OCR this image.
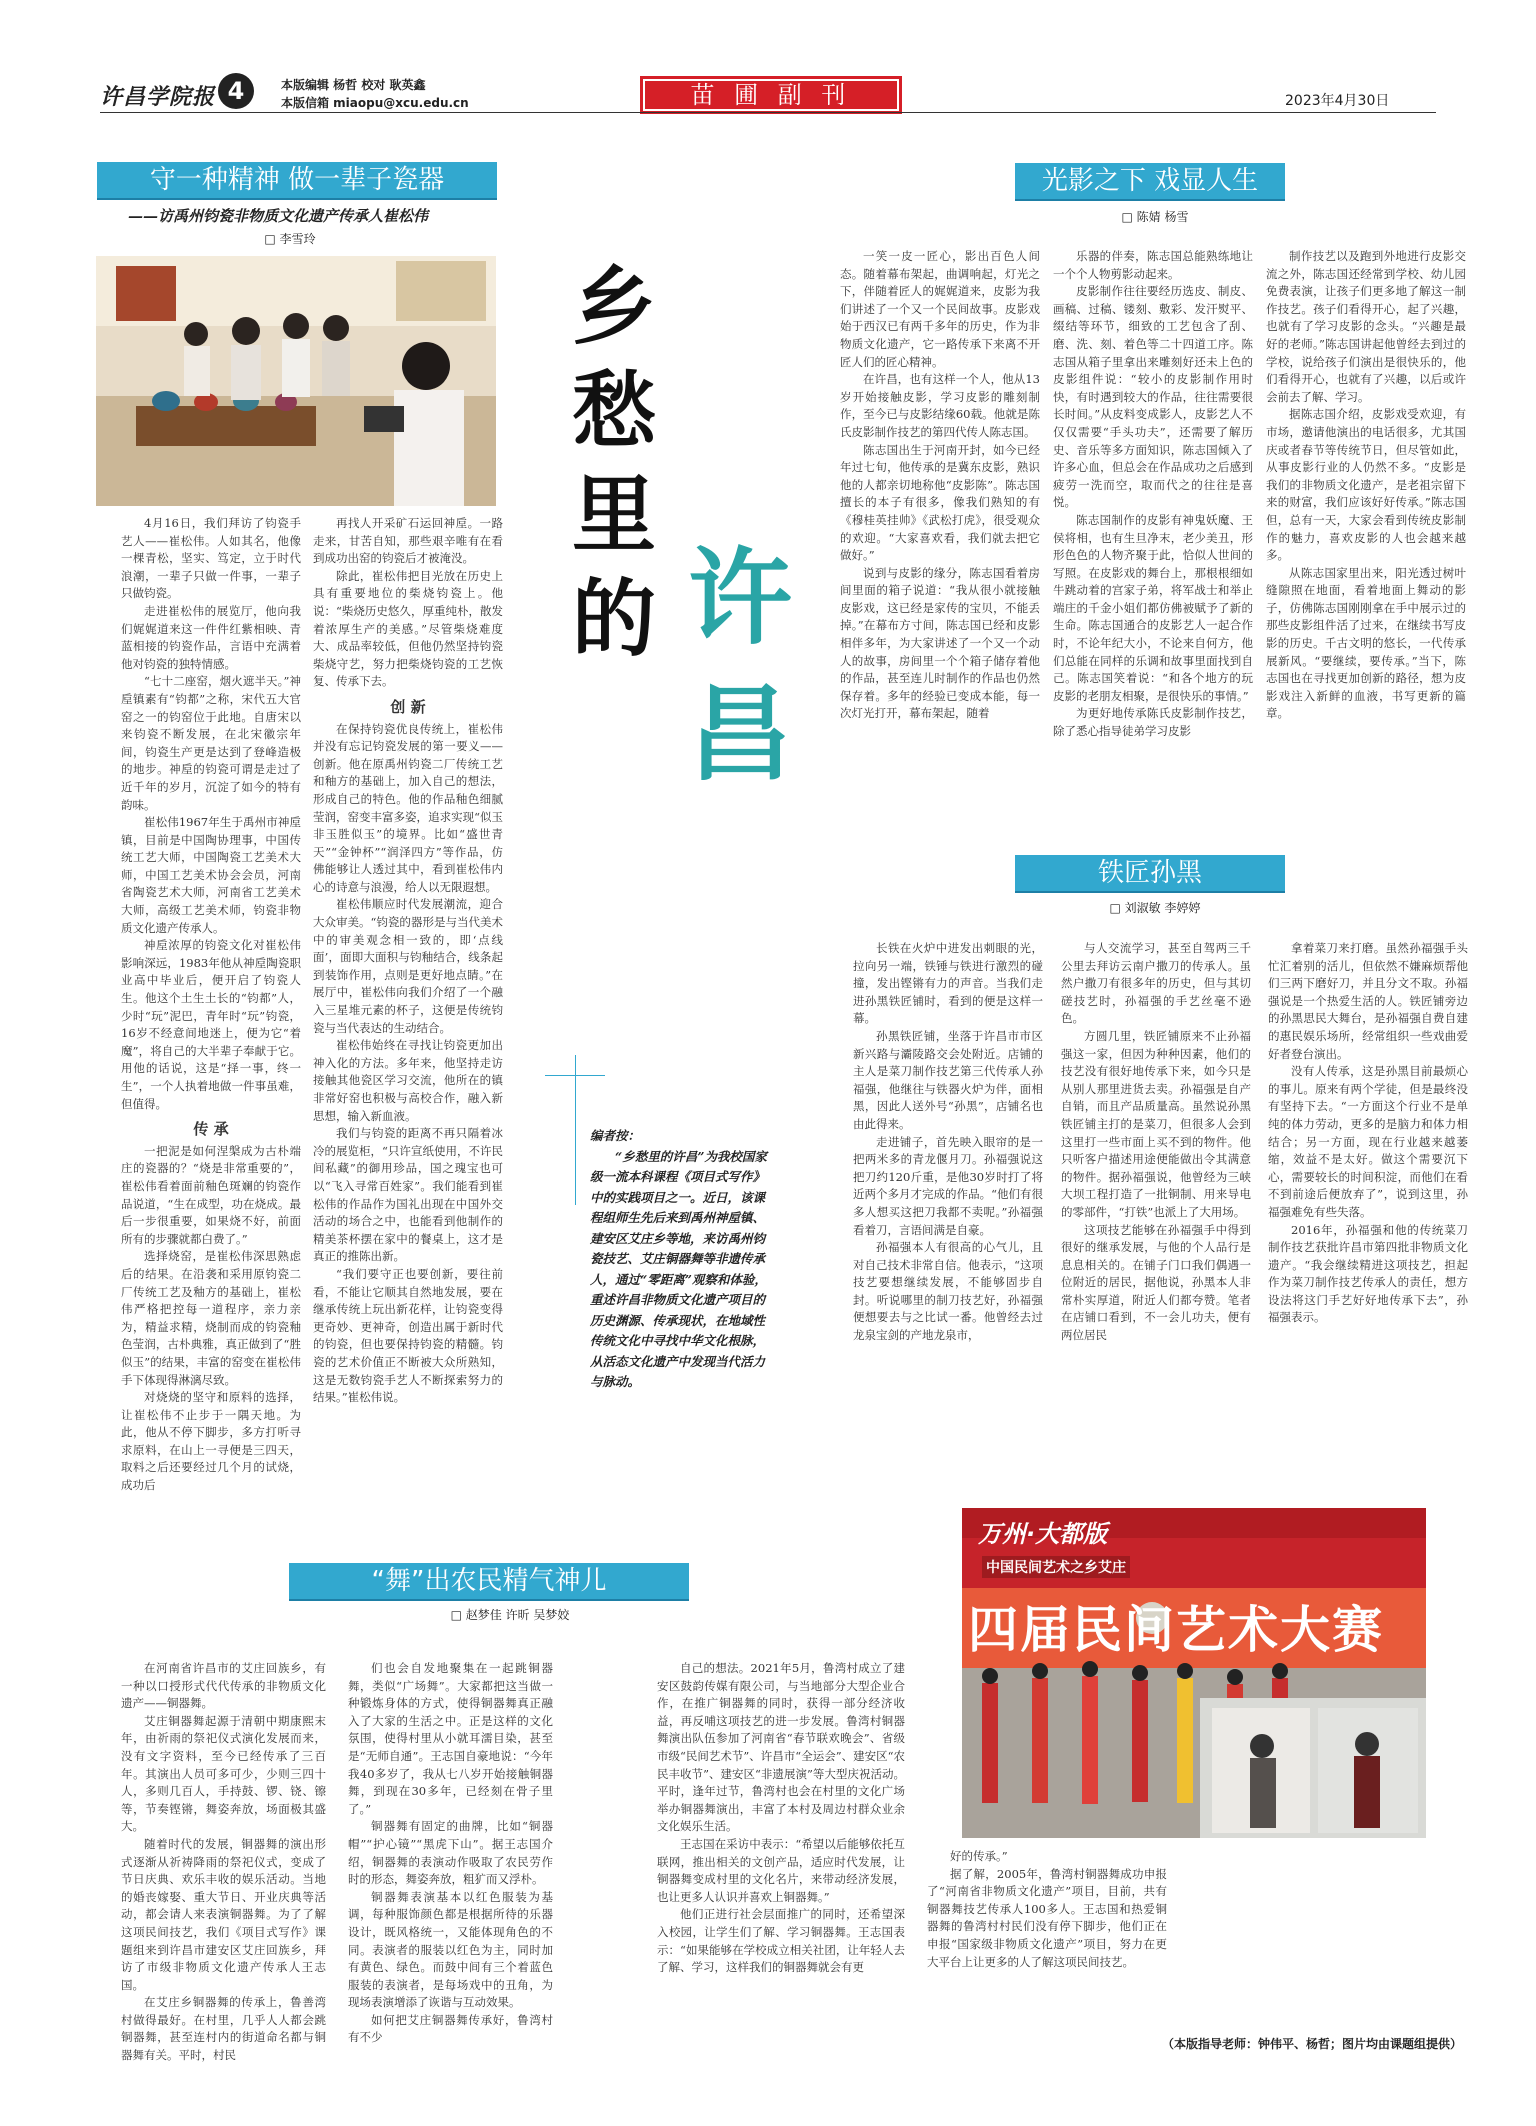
许昌学院报 4	本版编辑 杨哲 校对 耿英鑫
本版信箱 miaopu@xcu.edu.cn	苗 圃 副 刊	2023年4月30日
守一种精神 做一辈子瓷器
——访禹州钧瓷非物质文化遗产传承人崔松伟
□ 李雪玲

4月16日，我们拜访了钧瓷手艺人——崔松伟。人如其名，他像一棵青松，坚实、笃定，立于时代浪潮，一辈子只做一件事，一辈子只做钧瓷。

走进崔松伟的展览厅，他向我们娓娓道来这一件件红紫相映、青蓝相接的钧瓷作品，言语中充满着他对钧瓷的独特情感。

“七十二座窑，烟火遮半天。”神垕镇素有“钧都”之称，宋代五大官窑之一的钧窑位于此地。自唐宋以来钧瓷不断发展，在北宋徽宗年间，钧瓷生产更是达到了登峰造极的地步。神垕的钧瓷可谓是走过了近千年的岁月，沉淀了如今的特有韵味。

崔松伟1967年生于禹州市神垕镇，目前是中国陶协理事，中国传统工艺大师，中国陶瓷工艺美术大师，中国工艺美术协会会员，河南省陶瓷艺术大师，河南省工艺美术大师，高级工艺美术师，钧瓷非物质文化遗产传承人。

神垕浓厚的钧瓷文化对崔松伟影响深远，1983年他从神垕陶瓷职业高中毕业后，便开启了钧瓷人生。他这个土生土长的“钧都”人，少时“玩”泥巴，青年时“玩”钧瓷，16岁不经意间地迷上，便为它“着魔”，将自己的大半辈子奉献于它。用他的话说，这是“择一事，终一生”，一个人执着地做一件事虽难，但值得。

传 承

一把泥是如何涅槃成为古朴端庄的瓷器的？“烧是非常重要的”，崔松伟看着面前釉色斑斓的钧瓷作品说道，“生在成型，功在烧成。最后一步很重要，如果烧不好，前面所有的步骤就都白费了。”

选择烧窑，是崔松伟深思熟虑后的结果。在沿袭和采用原钧瓷二厂传统工艺及釉方的基础上，崔松伟严格把控每一道程序，亲力亲为，精益求精，烧制而成的钧瓷釉色莹润，古朴典雅，真正做到了“胜似玉”的结果，丰富的窑变在崔松伟手下体现得淋漓尽致。

对烧烧的坚守和原料的选择，让崔松伟不止步于一隅天地。为此，他从不停下脚步，多方打听寻求原料，在山上一寻便是三四天，取料之后还要经过几个月的试烧，成功后

再找人开采矿石运回神垕。一路走来，甘苦自知，那些艰辛唯有在看到成功出窑的钧瓷后才被淹没。

除此，崔松伟把目光放在历史上具有重要地位的柴烧钧瓷上。他说：“柴烧历史悠久，厚重纯朴，散发着浓厚生产的美感。”尽管柴烧难度大、成品率较低，但他仍然坚持钧瓷柴烧守艺，努力把柴烧钧瓷的工艺恢复、传承下去。

创 新

在保持钧瓷优良传统上，崔松伟并没有忘记钧瓷发展的第一要义——创新。他在原禹州钧瓷二厂传统工艺和釉方的基础上，加入自己的想法，形成自己的特色。他的作品釉色细腻莹润，窑变丰富多姿，追求实现“似玉非玉胜似玉”的境界。比如“盛世青天”“金钟杯”“润泽四方”等作品，仿佛能够让人透过其中，看到崔松伟内心的诗意与浪漫，给人以无限遐想。

崔松伟顺应时代发展潮流，迎合大众审美。“钧瓷的器形是与当代美术中的审美观念相一致的，即‘点线面’，面即大面积与钧釉结合，线条起到装饰作用，点则是更好地点睛。”在展厅中，崔松伟向我们介绍了一个融入三星堆元素的杯子，这便是传统钧瓷与当代表达的生动结合。

崔松伟始终在寻找让钧瓷更加出神入化的方法。多年来，他坚持走访接触其他瓷区学习交流，他所在的镇非常好窑也积极与高校合作，融入新思想，输入新血液。

我们与钧瓷的距离不再只隔着冰冷的展览柜，“只许宣纸使用，不许民间私藏”的御用珍品，国之瑰宝也可以“飞入寻常百姓家”。我们能看到崔松伟的作品作为国礼出现在中国外交活动的场合之中，也能看到他制作的精美茶杯摆在家中的餐桌上，这才是真正的推陈出新。

“我们要守正也要创新，要往前看，不能让它顺其自然地发展，要在继承传统上玩出新花样，让钧瓷变得更奇妙、更神奇，创造出属于新时代的钧瓷，但也要保持钧瓷的精髓。钧瓷的艺术价值正不断被大众所熟知，这是无数钧瓷手艺人不断探索努力的结果。”崔松伟说。

乡愁里的 许昌
编者按：
“乡愁里的许昌”为我校国家级一流本科课程《项目式写作》中的实践项目之一。近日，该课程组师生先后来到禹州神垕镇、建安区艾庄乡等地，来访禹州钧瓷技艺、艾庄铜器舞等非遗传承人，通过“零距离”观察和体验，重述许昌非物质文化遗产项目的历史渊源、传承现状，在地域性传统文化中寻找中华文化根脉，从活态文化遗产中发现当代活力与脉动。
光影之下 戏显人生
□ 陈婧 杨雪

一笑一皮一匠心，影出百色人间态。随着幕布架起，曲调响起，灯光之下，伴随着匠人的娓娓道来，皮影为我们讲述了一个又一个民间故事。皮影戏始于西汉已有两千多年的历史，作为非物质文化遗产，它一路传承下来离不开匠人们的匠心精神。

在许昌，也有这样一个人，他从13岁开始接触皮影，学习皮影的雕刻制作，至今已与皮影结缘60载。他就是陈氏皮影制作技艺的第四代传人陈志国。

陈志国出生于河南开封，如今已经年过七旬，他传承的是冀东皮影，熟识他的人都亲切地称他“皮影陈”。陈志国擅长的本子有很多，像我们熟知的有《穆桂英挂帅》《武松打虎》，很受观众的欢迎。“大家喜欢看，我们就去把它做好。”

说到与皮影的缘分，陈志国看着房间里面的箱子说道：“我从很小就接触皮影戏，这已经是家传的宝贝，不能丢掉。”在幕布方寸间，陈志国已经和皮影相伴多年，为大家讲述了一个又一个动人的故事，房间里一个个箱子储存着他的作品，甚至连儿时制作的作品也仍然保存着。多年的经验已变成本能，每一次灯光打开，幕布架起，随着

乐器的伴奏，陈志国总能熟练地让一个个人物剪影动起来。

皮影制作往往要经历选皮、制皮、画稿、过稿、镂刻、敷彩、发汗熨平、缀结等环节，细致的工艺包含了刮、磨、洗、刻、着色等二十四道工序。陈志国从箱子里拿出来雕刻好还未上色的皮影组件说：“较小的皮影制作用时快，有时遇到较大的作品，往往需要很长时间。”从皮料变成影人，皮影艺人不仅仅需要“手头功夫”，还需要了解历史、音乐等多方面知识，陈志国倾入了许多心血，但总会在作品成功之后感到疲劳一洗而空，取而代之的往往是喜悦。

陈志国制作的皮影有神鬼妖魔、王侯将相，也有生旦净末，老少美丑，形形色色的人物齐聚于此，恰似人世间的写照。在皮影戏的舞台上，那根根细如牛跳动着的宫家子弟，将军战士和举止端庄的千金小姐们都仿佛被赋予了新的生命。陈志国通合的皮影艺人一起合作时，不论年纪大小，不论来自何方，他们总能在同样的乐调和故事里面找到自己。陈志国笑着说：“和各个地方的玩皮影的老朋友相聚，是很快乐的事情。”

为更好地传承陈氏皮影制作技艺，除了悉心指导徒弟学习皮影

制作技艺以及跑到外地进行皮影交流之外，陈志国还经常到学校、幼儿园免费表演，让孩子们更多地了解这一制作技艺。孩子们看得开心，起了兴趣，也就有了学习皮影的念头。“兴趣是最好的老师。”陈志国讲起他曾经去到过的学校，说给孩子们演出是很快乐的，他们看得开心，也就有了兴趣，以后或许会前去了解、学习。

据陈志国介绍，皮影戏受欢迎，有市场，邀请他演出的电话很多，尤其国庆或者春节等传统节日，但尽管如此，从事皮影行业的人仍然不多。“皮影是我们的非物质文化遗产，是老祖宗留下来的财富，我们应该好好传承。”陈志国但，总有一天，大家会看到传统皮影制作的魅力，喜欢皮影的人也会越来越多。

从陈志国家里出来，阳光透过树叶缝隙照在地面，看着地面上舞动的影子，仿佛陈志国刚刚拿在手中展示过的那些皮影组件活了过来，在继续书写皮影的历史。千古文明的悠长，一代传承展新风。“要继续，要传承。”当下，陈志国也在寻找更加创新的路径，想为皮影戏注入新鲜的血液，书写更新的篇章。

铁匠孙黑
□ 刘淑敏 李婷婷

长铁在火炉中进发出刺眼的光，拉向另一端，铁锤与铁进行激烈的碰撞，发出铿锵有力的声音。当我们走进孙黑铁匠铺时，看到的便是这样一幕。

孙黑铁匠铺，坐落于许昌市市区新兴路与灞陵路交会处附近。店铺的主人是菜刀制作技艺第三代传承人孙福强，他继往与铁器火炉为伴，面相黑，因此人送外号“孙黑”，店铺名也由此得来。

走进铺子，首先映入眼帘的是一把两米多的青龙偃月刀。孙福强说这把刀约120斤重，是他30岁时打了将近两个多月才完成的作品。“他们有很多人想买这把刀我都不卖呢。”孙福强看着刀，言语间满是自豪。

孙福强本人有很高的心气儿，且对自己技术非常自信。他表示，“这项技艺要想继续发展，不能够固步自封。听说哪里的制刀技艺好，孙福强便想要去与之比试一番。他曾经去过龙泉宝剑的产地龙泉市，

与人交流学习，甚至自驾两三千公里去拜访云南户撒刀的传承人。虽然户撒刀有很多年的历史，但与其切磋技艺时，孙福强的手艺丝毫不逊色。

方圆几里，铁匠铺原来不止孙福强这一家，但因为种种因素，他们的技艺没有很好地传承下来，如今只是从别人那里进货去卖。孙福强是自产自销，而且产品质量高。虽然说孙黑铁匠铺主打的是菜刀，但很多人会到这里打一些市面上买不到的物件。他只听客户描述用途便能做出令其满意的物件。据孙福强说，他曾经为三峡大坝工程打造了一批铜制、用来导电的零部件，“打铁”也派上了大用场。

这项技艺能够在孙福强手中得到很好的继承发展，与他的个人品行是息息相关的。在铺子门口我们偶遇一位附近的居民，据他说，孙黑本人非常朴实厚道，附近人们都夸赞。笔者在店铺口看到，不一会儿功夫，便有两位居民

拿着菜刀来打磨。虽然孙福强手头忙汇着别的活儿，但依然不嫌麻烦帮他们三两下磨好刀，并且分文不取。孙福强说是一个热爱生活的人。铁匠铺旁边的孙黑思民大舞台，是孙福强自费自建的惠民娱乐场所，经常组织一些戏曲爱好者登台演出。

没有人传承，这是孙黑目前最烦心的事儿。原来有两个学徒，但是最终没有坚持下去。“一方面这个行业不是单纯的体力劳动，更多的是脑力和体力相结合；另一方面，现在行业越来越萎缩，效益不是太好。做这个需要沉下心，需要较长的时间积淀，而他们在看不到前途后便放弃了”，说到这里，孙福强难免有些失落。

2016年，孙福强和他的传统菜刀制作技艺获批许昌市第四批非物质文化遗产。“我会继续精进这项技艺，担起作为菜刀制作技艺传承人的责任，想方设法将这门手艺好好地传承下去”，孙福强表示。

“舞”出农民精气神儿
□ 赵梦佳 许昕 吴梦姣

在河南省许昌市的艾庄回族乡，有一种以口授形式代代传承的非物质文化遗产——铜器舞。

艾庄铜器舞起源于清朝中期康熙末年，由祈雨的祭祀仪式演化发展而来，没有文字资料，至今已经传承了三百年。其演出人员可多可少，少则三四十人，多则几百人，手持鼓、锣、铙、镲等，节奏铿锵，舞姿奔放，场面极其盛大。

随着时代的发展，铜器舞的演出形式逐渐从祈祷降雨的祭祀仪式，变成了节日庆典、欢乐丰收的娱乐活动。当地的婚丧嫁娶、重大节日、开业庆典等活动，都会请人来表演铜器舞。为了了解这项民间技艺，我们《项目式写作》课题组来到许昌市建安区艾庄回族乡，拜访了市级非物质文化遗产传承人王志国。

在艾庄乡铜器舞的传承上，鲁善湾村做得最好。在村里，几乎人人都会跳铜器舞，甚至连村内的街道命名都与铜器舞有关。平时，村民

们也会自发地聚集在一起跳铜器舞，类似“广场舞”。大家都把这当做一种锻炼身体的方式，使得铜器舞真正融入了大家的生活之中。正是这样的文化氛围，使得村里从小就耳濡目染，甚至是“无师自通”。王志国自豪地说：“今年我40多岁了，我从七八岁开始接触铜器舞，到现在30多年，已经刻在骨子里了。”

铜器舞有固定的曲牌，比如“铜器帽”“护心镜”“黑虎下山”。据王志国介绍，铜器舞的表演动作吸取了农民劳作时的形态，舞姿奔放，粗犷而又浮朴。

铜器舞表演基本以红色服装为基调，每种服饰颜色都是根据所待的乐器设计，既风格统一，又能体现角色的不同。表演者的服装以红色为主，同时加有黄色、绿色。而鼓中间有三个着蓝色服装的表演者，是每场戏中的丑角，为现场表演增添了诙谐与互动效果。

如何把艾庄铜器舞传承好，鲁湾村有不少

自己的想法。2021年5月，鲁湾村成立了建安区鼓韵传媒有限公司，与当地部分大型企业合作，在推广铜器舞的同时，获得一部分经济收益，再反哺这项技艺的进一步发展。鲁湾村铜器舞演出队伍参加了河南省“春节联欢晚会”、省级市级“民间艺术节”、许昌市“全运会”、建安区“农民丰收节”、建安区“非遗展演”等大型庆祝活动。平时，逢年过节，鲁湾村也会在村里的文化广场举办铜器舞演出，丰富了本村及周边村群众业余文化娱乐生活。

王志国在采访中表示：“希望以后能够依托互联网，推出相关的文创产品，适应时代发展，让铜器舞变成村里的文化名片，来带动经济发展，也让更多人认识并喜欢上铜器舞。”

他们正进行社会层面推广的同时，还希望深入校园，让学生们了解、学习铜器舞。王志国表示：“如果能够在学校成立相关社团，让年轻人去了解、学习，这样我们的铜器舞就会有更

好的传承。”

据了解，2005年，鲁湾村铜器舞成功申报了“河南省非物质文化遗产”项目，目前，共有铜器舞技艺传承人100多人。王志国和热爱铜器舞的鲁湾村村民们没有停下脚步，他们正在申报“国家级非物质文化遗产”项目，努力在更大平台上让更多的人了解这项民间技艺。

万州·大都版
中国民间艺术之乡艾庄
四届民间艺术大赛
（本版指导老师：钟伟平、杨哲；图片均由课题组提供）
